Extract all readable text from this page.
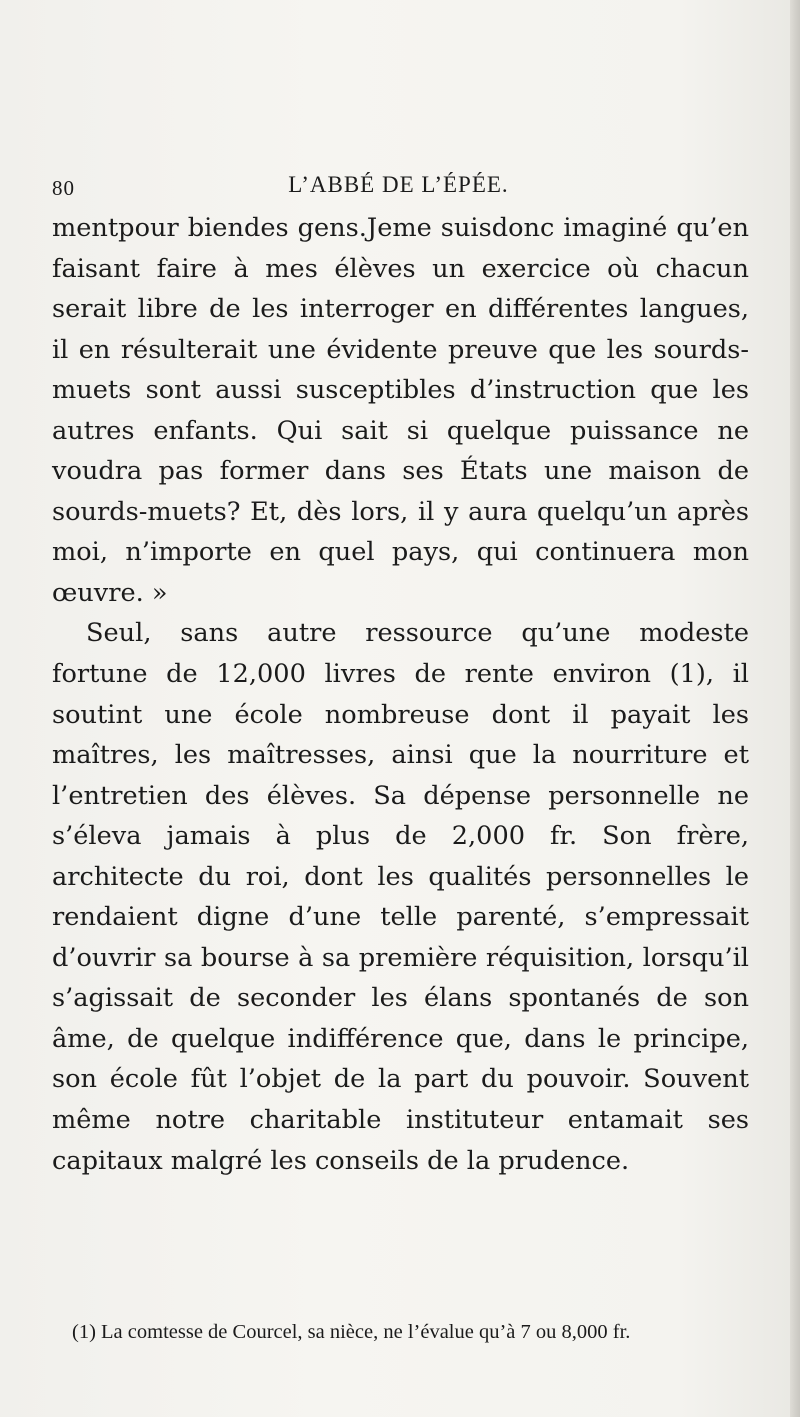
80	L’ABBÉ DE L’ÉPÉE.

mentpour biendes gens.Jeme suisdonc imaginé qu’en faisant faire à mes élèves un exercice où chacun serait libre de les interroger en différentes langues, il en résulterait une évidente preuve que les sourds-muets sont aussi susceptibles d’instruction que les autres enfants. Qui sait si quelque puissance ne voudra pas former dans ses États une maison de sourds-muets? Et, dès lors, il y aura quelqu’un après moi, n’importe en quel pays, qui continuera mon œuvre. »

Seul, sans autre ressource qu’une modeste fortune de 12,000 livres de rente environ (1), il soutint une école nombreuse dont il payait les maîtres, les maîtresses, ainsi que la nourriture et l’entretien des élèves. Sa dépense personnelle ne s’éleva jamais à plus de 2,000 fr. Son frère, architecte du roi, dont les qualités personnelles le rendaient digne d’une telle parenté, s’empressait d’ouvrir sa bourse à sa première réquisition, lorsqu’il s’agissait de seconder les élans spontanés de son âme, de quelque indifférence que, dans le principe, son école fût l’objet de la part du pouvoir. Souvent même notre charitable instituteur entamait ses capitaux malgré les conseils de la prudence.

(1) La comtesse de Courcel, sa nièce, ne l’évalue qu’à 7 ou 8,000 fr.
